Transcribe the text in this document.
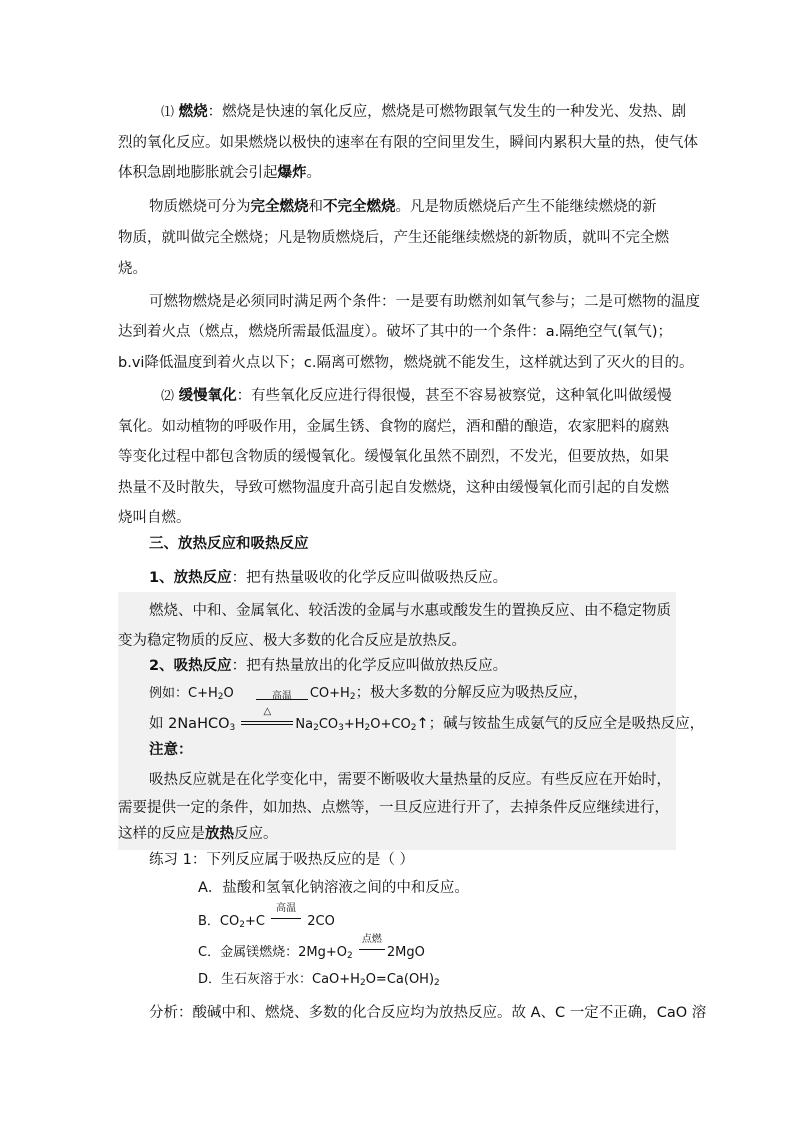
⑴ 燃烧：燃烧是快速的氧化反应，燃烧是可燃物跟氧气发生的一种发光、发热、剧
烈的氧化反应。如果燃烧以极快的速率在有限的空间里发生，瞬间内累积大量的热，使气体
体积急剧地膨胀就会引起爆炸。
物质燃烧可分为完全燃烧和不完全燃烧。凡是物质燃烧后产生不能继续燃烧的新
物质，就叫做完全燃烧；凡是物质燃烧后，产生还能继续燃烧的新物质，就叫不完全燃
烧。
可燃物燃烧是必须同时满足两个条件：一是要有助燃剂如氧气参与；二是可燃物的温度
达到着火点（燃点，燃烧所需最低温度）。破坏了其中的一个条件：a.隔绝空气(氧气)；
b.vi降低温度到着火点以下；c.隔离可燃物，燃烧就不能发生，这样就达到了灭火的目的。
⑵ 缓慢氧化：有些氧化反应进行得很慢，甚至不容易被察觉，这种氧化叫做缓慢
氧化。如动植物的呼吸作用，金属生锈、食物的腐烂，酒和醋的酿造，农家肥料的腐熟
等变化过程中都包含物质的缓慢氧化。缓慢氧化虽然不剧烈，不发光，但要放热，如果
热量不及时散失，导致可燃物温度升高引起自发燃烧，这种由缓慢氧化而引起的自发燃
烧叫自燃。
三、放热反应和吸热反应
1、放热反应：把有热量吸收的化学反应叫做吸热反应。
燃烧、中和、金属氧化、较活泼的金属与水惠或酸发生的置换反应、由不稳定物质
变为稳定物质的反应、极大多数的化合反应是放热反。
2、吸热反应：把有热量放出的化学反应叫做放热反应。
例如：$C+H_2O$	高温	$CO+H_2$；极大多数的分解反应为吸热反应，
如 2NaHCO$_3$
△
$Na_2CO_3+H_2O+CO_2↑$；碱与铵盐生成氨气的反应全是吸热反应，
注意：
吸热反应就是在化学变化中，需要不断吸收大量热量的反应。有些反应在开始时，
需要提供一定的条件，如加热、点燃等，一旦反应进行开了，去掉条件反应继续进行，
这样的反应是放热反应。
练习 1：下列反应属于吸热反应的是（ ）
A．盐酸和氢氧化钠溶液之间的中和反应。
B．$CO_2+C$
高温
2CO
C．金属镁燃烧：$2Mg+O_2$
点燃
2MgO
D．生石灰溶于水：$CaO+H_2O=Ca(OH)_2$
分析：酸碱中和、燃烧、多数的化合反应均为放热反应。故 A、C 一定不正确，CaO 溶
